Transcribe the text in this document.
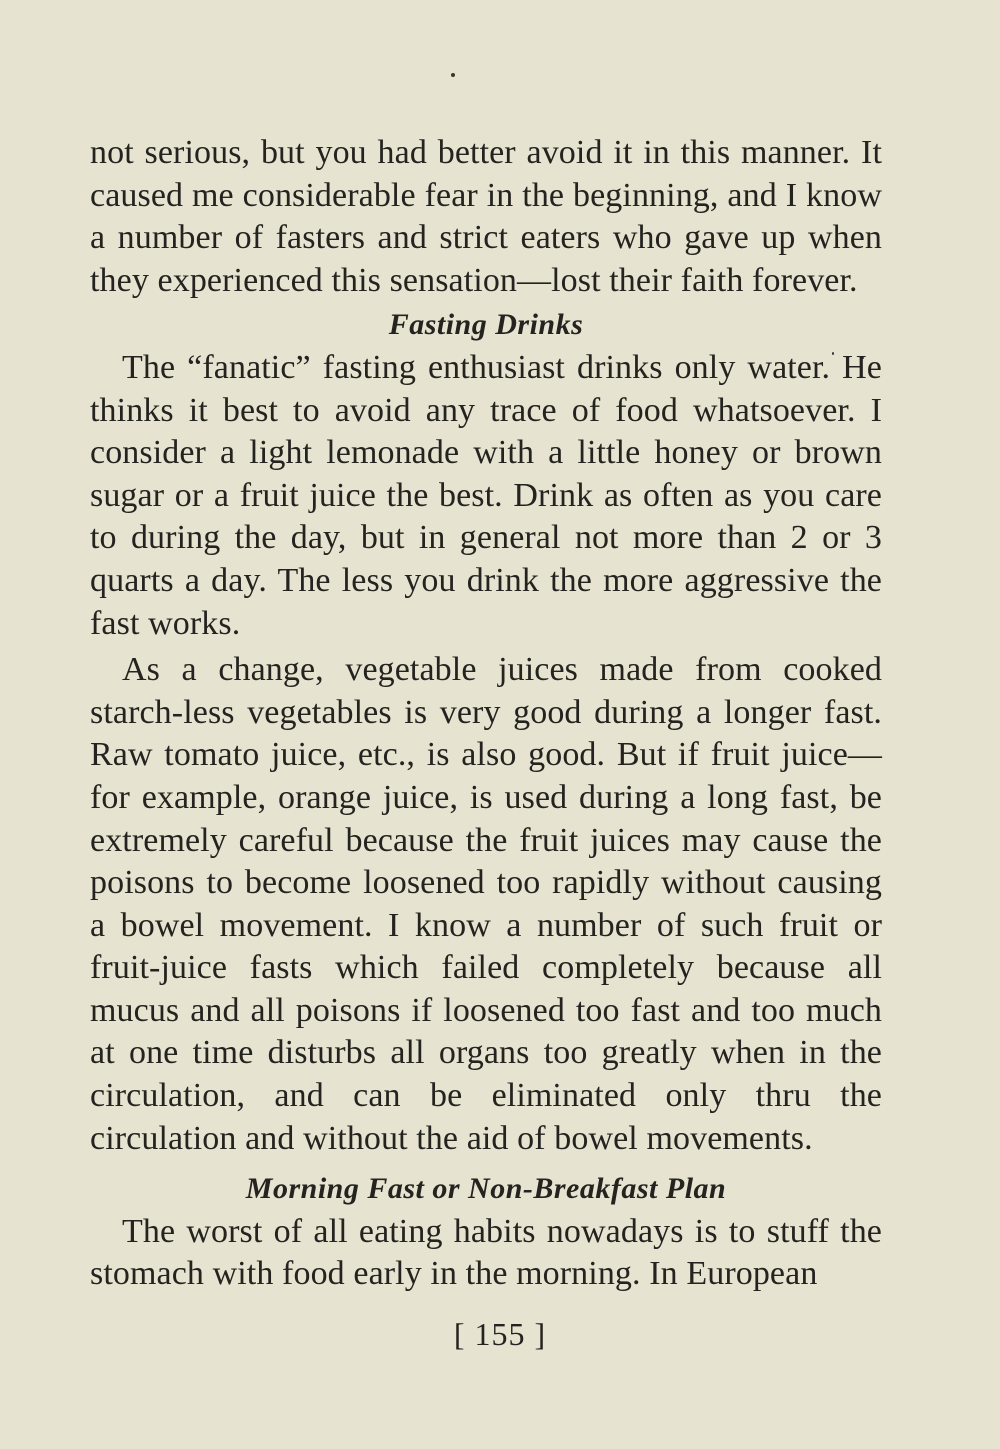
not serious, but you had better avoid it in this manner. It caused me considerable fear in the beginning, and I know a number of fasters and strict eaters who gave up when they experienced this sensation—lost their faith forever.

Fasting Drinks

The “fanatic” fasting enthusiast drinks only water. He thinks it best to avoid any trace of food whatsoever. I consider a light lemonade with a little honey or brown sugar or a fruit juice the best. Drink as often as you care to during the day, but in general not more than 2 or 3 quarts a day. The less you drink the more aggressive the fast works.

As a change, vegetable juices made from cooked starch-less vegetables is very good during a longer fast. Raw tomato juice, etc., is also good. But if fruit juice—for example, orange juice, is used during a long fast, be extremely careful because the fruit juices may cause the poisons to become loosened too rapidly without causing a bowel movement. I know a number of such fruit or fruit-juice fasts which failed completely because all mucus and all poisons if loosened too fast and too much at one time disturbs all organs too greatly when in the circulation, and can be eliminated only thru the circulation and without the aid of bowel movements.

Morning Fast or Non-Breakfast Plan

The worst of all eating habits nowadays is to stuff the stomach with food early in the morning. In European

[ 155 ]
